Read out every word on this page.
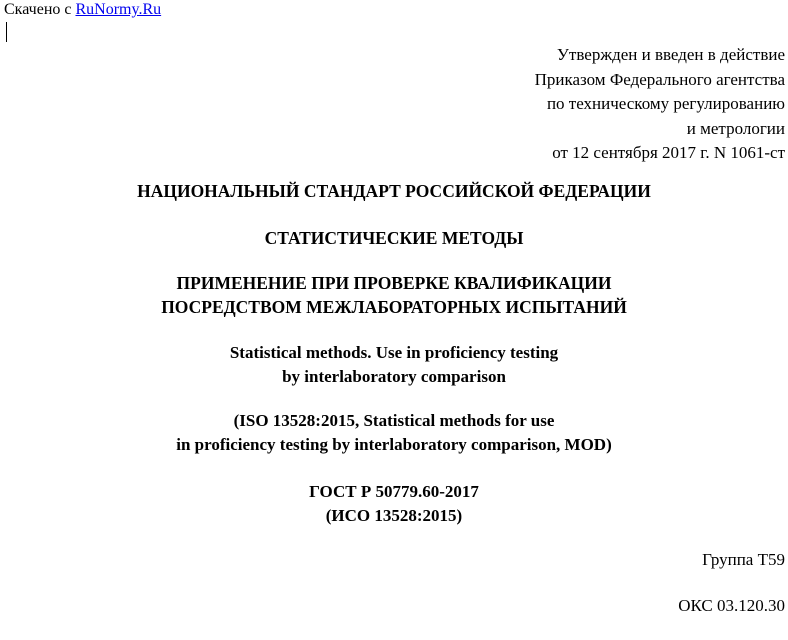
Скачено с RuNormy.Ru
Утвержден и введен в действие
Приказом Федерального агентства
по техническому регулированию
и метрологии
от 12 сентября 2017 г. N 1061-ст
НАЦИОНАЛЬНЫЙ СТАНДАРТ РОССИЙСКОЙ ФЕДЕРАЦИИ
СТАТИСТИЧЕСКИЕ МЕТОДЫ
ПРИМЕНЕНИЕ ПРИ ПРОВЕРКЕ КВАЛИФИКАЦИИ
ПОСРЕДСТВОМ МЕЖЛАБОРАТОРНЫХ ИСПЫТАНИЙ
Statistical methods. Use in proficiency testing
by interlaboratory comparison
(ISO 13528:2015, Statistical methods for use
in proficiency testing by interlaboratory comparison, MOD)
ГОСТ Р 50779.60-2017
(ИСО 13528:2015)
Группа Т59
ОКС 03.120.30
